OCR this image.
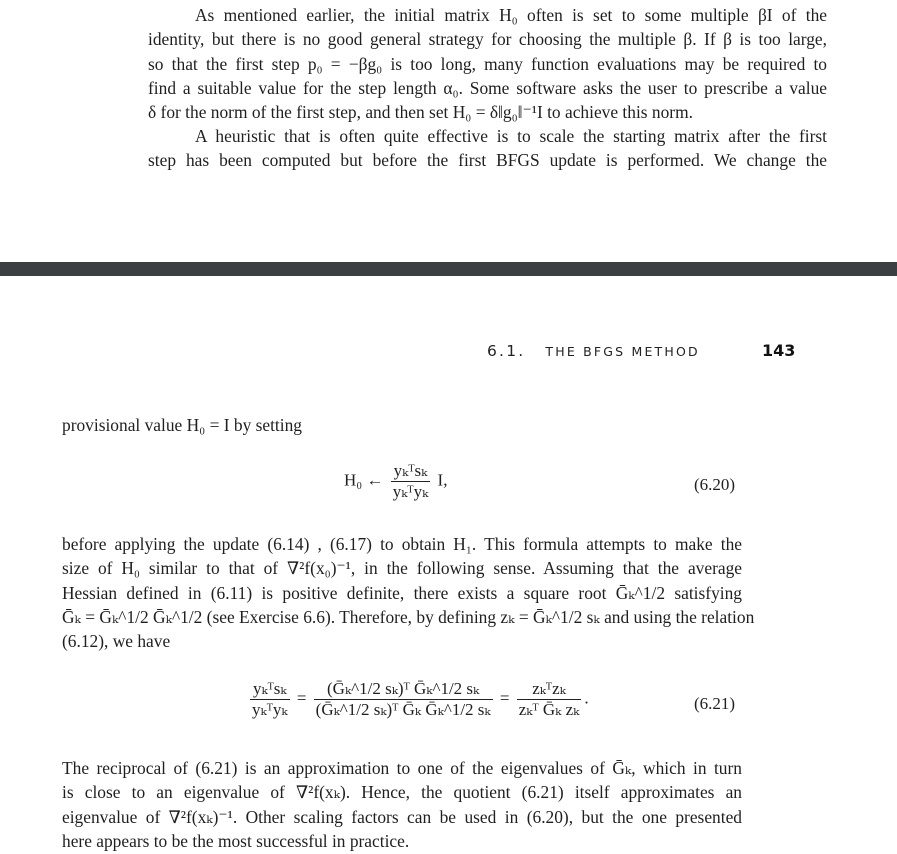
As mentioned earlier, the initial matrix H₀ often is set to some multiple βI of the
identity, but there is no good general strategy for choosing the multiple β. If β is too large,
so that the first step p₀ = −βg₀ is too long, many function evaluations may be required to
find a suitable value for the step length α₀. Some software asks the user to prescribe a value
δ for the norm of the first step, and then set H₀ = δ‖g₀‖⁻¹I to achieve this norm.

A heuristic that is often quite effective is to scale the starting matrix after the first
step has been computed but before the first BFGS update is performed. We change the

6.1. THE BFGS METHOD	143

provisional value H₀ = I by setting

H₀ ← $\frac{\text{yₖᵀsₖ}}{\text{yₖᵀyₖ}} I$,	(6.20)

before applying the update (6.14) , (6.17) to obtain H₁. This formula attempts to make the
size of H₀ similar to that of ∇²f(x₀)⁻¹, in the following sense. Assuming that the average
Hessian defined in (6.11) is positive definite, there exists a square root Ḡₖ^1/2 satisfying
Ḡₖ = Ḡₖ^1/2 Ḡₖ^1/2 (see Exercise 6.6). Therefore, by defining zₖ = Ḡₖ^1/2 sₖ and using the relation
(6.12), we have

$\frac{\text{yₖᵀsₖ}}{\text{yₖᵀyₖ}} = \frac{\text{(Ḡₖ\textasciicircum{}1/2 sₖ)ᵀ Ḡₖ\textasciicircum{}1/2 sₖ}}{\text{(Ḡₖ\textasciicircum{}1/2 sₖ)ᵀ Ḡₖ Ḡₖ\textasciicircum{}1/2 sₖ}} = \frac{\text{zₖᵀzₖ}}{\text{zₖᵀ Ḡₖ zₖ}}$ .	(6.21)

The reciprocal of (6.21) is an approximation to one of the eigenvalues of Ḡₖ, which in turn
is close to an eigenvalue of ∇²f(xₖ). Hence, the quotient (6.21) itself approximates an
eigenvalue of ∇²f(xₖ)⁻¹. Other scaling factors can be used in (6.20), but the one presented
here appears to be the most successful in practice.
